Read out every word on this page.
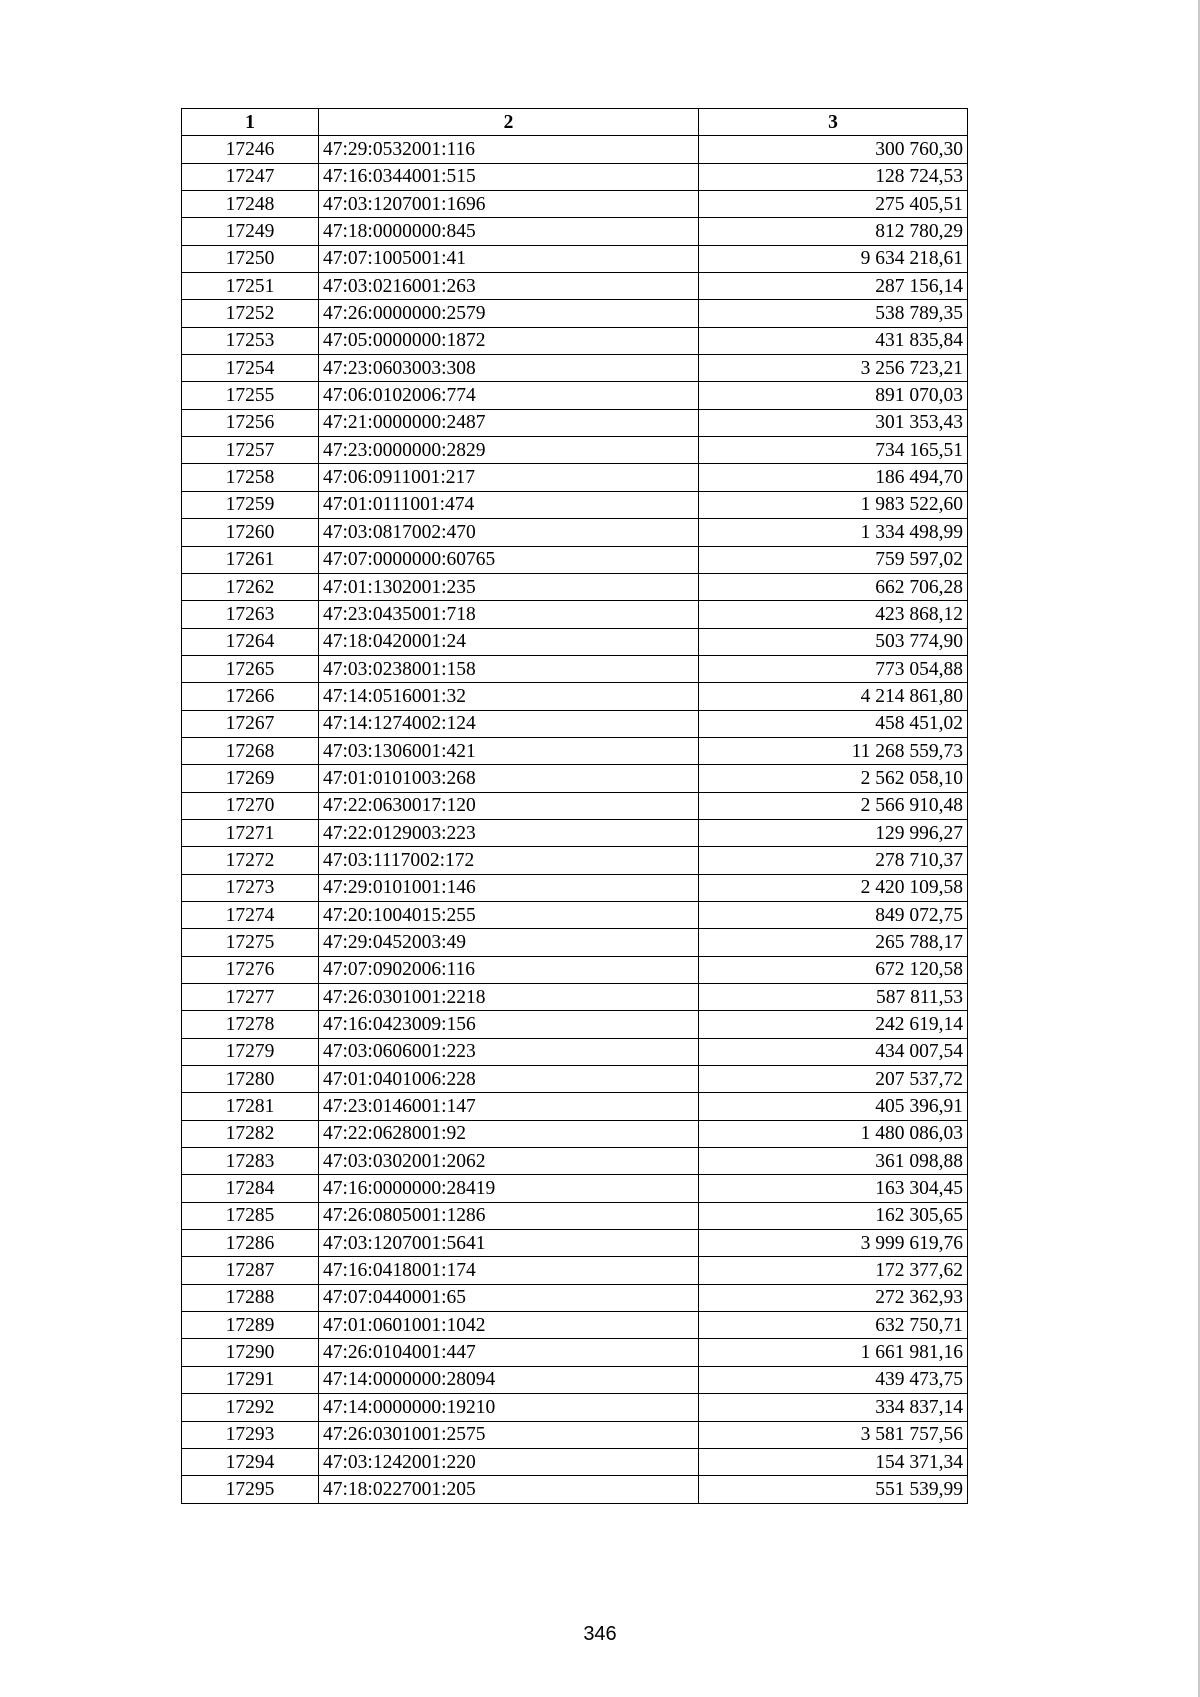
1	2	3
17246	47:29:0532001:116	300 760,30
17247	47:16:0344001:515	128 724,53
17248	47:03:1207001:1696	275 405,51
17249	47:18:0000000:845	812 780,29
17250	47:07:1005001:41	9 634 218,61
17251	47:03:0216001:263	287 156,14
17252	47:26:0000000:2579	538 789,35
17253	47:05:0000000:1872	431 835,84
17254	47:23:0603003:308	3 256 723,21
17255	47:06:0102006:774	891 070,03
17256	47:21:0000000:2487	301 353,43
17257	47:23:0000000:2829	734 165,51
17258	47:06:0911001:217	186 494,70
17259	47:01:0111001:474	1 983 522,60
17260	47:03:0817002:470	1 334 498,99
17261	47:07:0000000:60765	759 597,02
17262	47:01:1302001:235	662 706,28
17263	47:23:0435001:718	423 868,12
17264	47:18:0420001:24	503 774,90
17265	47:03:0238001:158	773 054,88
17266	47:14:0516001:32	4 214 861,80
17267	47:14:1274002:124	458 451,02
17268	47:03:1306001:421	11 268 559,73
17269	47:01:0101003:268	2 562 058,10
17270	47:22:0630017:120	2 566 910,48
17271	47:22:0129003:223	129 996,27
17272	47:03:1117002:172	278 710,37
17273	47:29:0101001:146	2 420 109,58
17274	47:20:1004015:255	849 072,75
17275	47:29:0452003:49	265 788,17
17276	47:07:0902006:116	672 120,58
17277	47:26:0301001:2218	587 811,53
17278	47:16:0423009:156	242 619,14
17279	47:03:0606001:223	434 007,54
17280	47:01:0401006:228	207 537,72
17281	47:23:0146001:147	405 396,91
17282	47:22:0628001:92	1 480 086,03
17283	47:03:0302001:2062	361 098,88
17284	47:16:0000000:28419	163 304,45
17285	47:26:0805001:1286	162 305,65
17286	47:03:1207001:5641	3 999 619,76
17287	47:16:0418001:174	172 377,62
17288	47:07:0440001:65	272 362,93
17289	47:01:0601001:1042	632 750,71
17290	47:26:0104001:447	1 661 981,16
17291	47:14:0000000:28094	439 473,75
17292	47:14:0000000:19210	334 837,14
17293	47:26:0301001:2575	3 581 757,56
17294	47:03:1242001:220	154 371,34
17295	47:18:0227001:205	551 539,99
346
